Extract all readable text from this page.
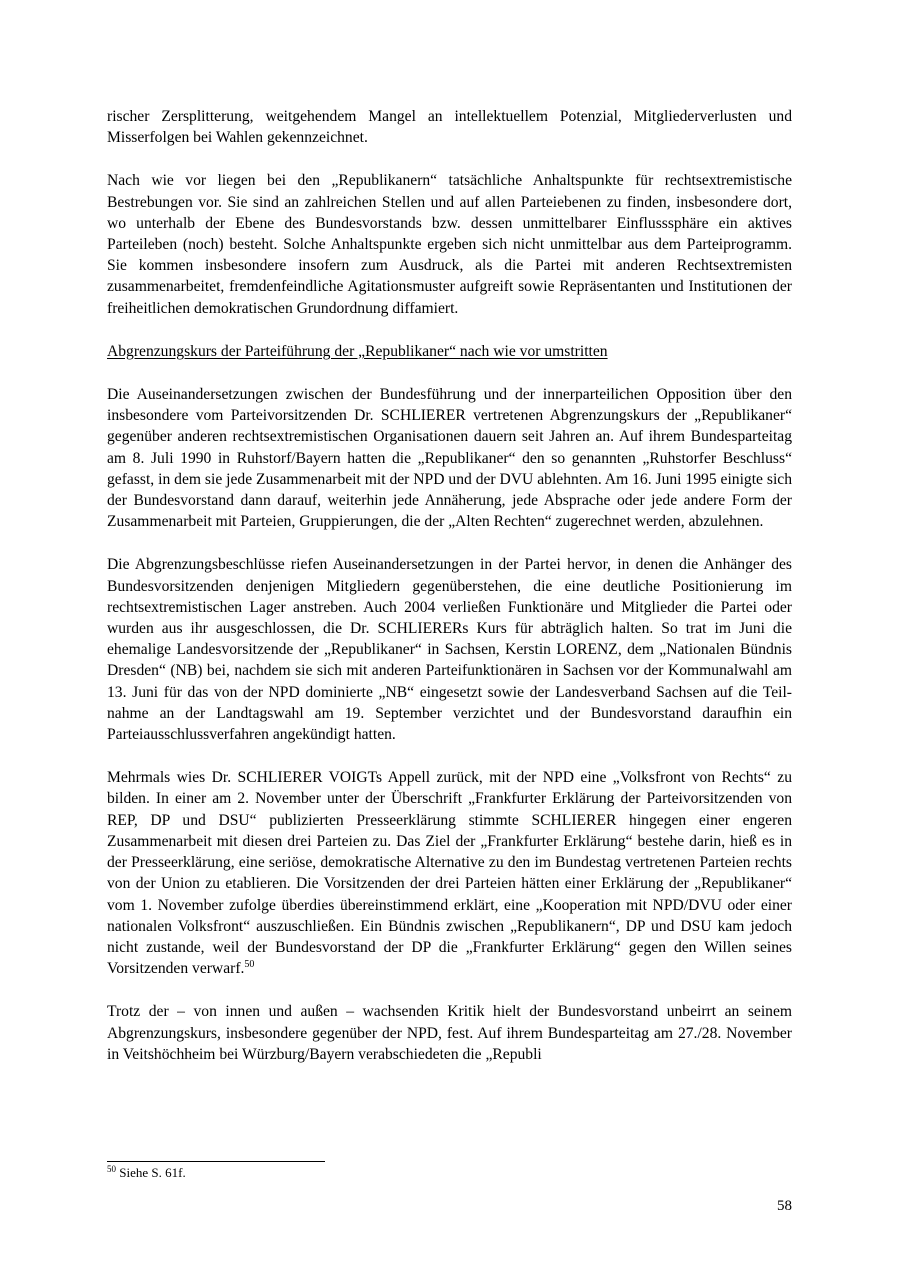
rischer Zersplitterung, weitgehendem Mangel an intellektuellem Potenzial, Mitgliederverlusten und Misserfolgen bei Wahlen gekennzeichnet.

Nach wie vor liegen bei den „Republikanern“ tatsächliche Anhaltspunkte für rechtsextremistische Bestrebungen vor. Sie sind an zahlreichen Stellen und auf allen Parteiebenen zu finden, insbesondere dort, wo unterhalb der Ebene des Bundesvorstands bzw. dessen unmittelbarer Einflusssphäre ein aktives Parteileben (noch) besteht. Solche Anhaltspunkte ergeben sich nicht unmittelbar aus dem Parteiprogramm. Sie kommen insbesondere insofern zum Ausdruck, als die Partei mit anderen Rechtsextremisten zusammenarbeitet, fremdenfeindliche Agitationsmuster aufgreift sowie Repräsentanten und Institutionen der freiheitlichen demokratischen Grundordnung diffamiert.

Abgrenzungskurs der Parteiführung der „Republikaner“ nach wie vor umstritten

Die Auseinandersetzungen zwischen der Bundesführung und der innerparteilichen Opposition über den insbesondere vom Parteivorsitzenden Dr. SCHLIERER vertretenen Abgrenzungskurs der „Republikaner“ gegenüber anderen rechtsextremistischen Organisationen dauern seit Jahren an. Auf ihrem Bundesparteitag am 8. Juli 1990 in Ruhstorf/Bayern hatten die „Republikaner“ den so genannten „Ruhstorfer Beschluss“ gefasst, in dem sie jede Zusammenarbeit mit der NPD und der DVU ablehnten. Am 16. Juni 1995 einigte sich der Bundesvorstand dann darauf, weiterhin jede Annäherung, jede Absprache oder jede andere Form der Zusammenarbeit mit Parteien, Gruppierungen, die der „Alten Rechten“ zugerechnet werden, abzulehnen.

Die Abgrenzungsbeschlüsse riefen Auseinandersetzungen in der Partei hervor, in denen die Anhänger des Bundesvorsitzenden denjenigen Mitgliedern gegenüberstehen, die eine deutliche Positionierung im rechtsextremistischen Lager anstreben. Auch 2004 verließen Funktionäre und Mitglieder die Partei oder wurden aus ihr ausgeschlossen, die Dr. SCHLIERERs Kurs für abträglich halten. So trat im Juni die ehemalige Landesvorsitzende der „Republikaner“ in Sachsen, Kerstin LORENZ, dem „Nationalen Bündnis Dresden“ (NB) bei, nachdem sie sich mit anderen Parteifunktionären in Sachsen vor der Kommunalwahl am 13. Juni für das von der NPD dominierte „NB“ eingesetzt sowie der Landesverband Sachsen auf die Teilnahme an der Landtagswahl am 19. September verzichtet und der Bundesvorstand daraufhin ein Parteiausschlussverfahren angekündigt hatten.

Mehrmals wies Dr. SCHLIERER VOIGTs Appell zurück, mit der NPD eine „Volksfront von Rechts“ zu bilden. In einer am 2. November unter der Überschrift „Frankfurter Erklärung der Parteivorsitzenden von REP, DP und DSU“ publizierten Presseerklärung stimmte SCHLIERER hingegen einer engeren Zusammenarbeit mit diesen drei Parteien zu. Das Ziel der „Frankfurter Erklärung“ bestehe darin, hieß es in der Presseerklärung, eine seriöse, demokratische Alternative zu den im Bundestag vertretenen Parteien rechts von der Union zu etablieren. Die Vorsitzenden der drei Parteien hätten einer Erklärung der „Republikaner“ vom 1. November zufolge überdies übereinstimmend erklärt, eine „Kooperation mit NPD/DVU oder einer nationalen Volksfront“ auszuschließen. Ein Bündnis zwischen „Republikanern“, DP und DSU kam jedoch nicht zustande, weil der Bundesvorstand der DP die „Frankfurter Erklärung“ gegen den Willen seines Vorsitzenden verwarf.$^{50}$

Trotz der – von innen und außen – wachsenden Kritik hielt der Bundesvorstand unbeirrt an seinem Abgrenzungskurs, insbesondere gegenüber der NPD, fest. Auf ihrem Bundesparteitag am 27./28. November in Veitshöchheim bei Würzburg/Bayern verabschiedeten die „Republi

$^{50}$ Siehe S. 61f.
58
